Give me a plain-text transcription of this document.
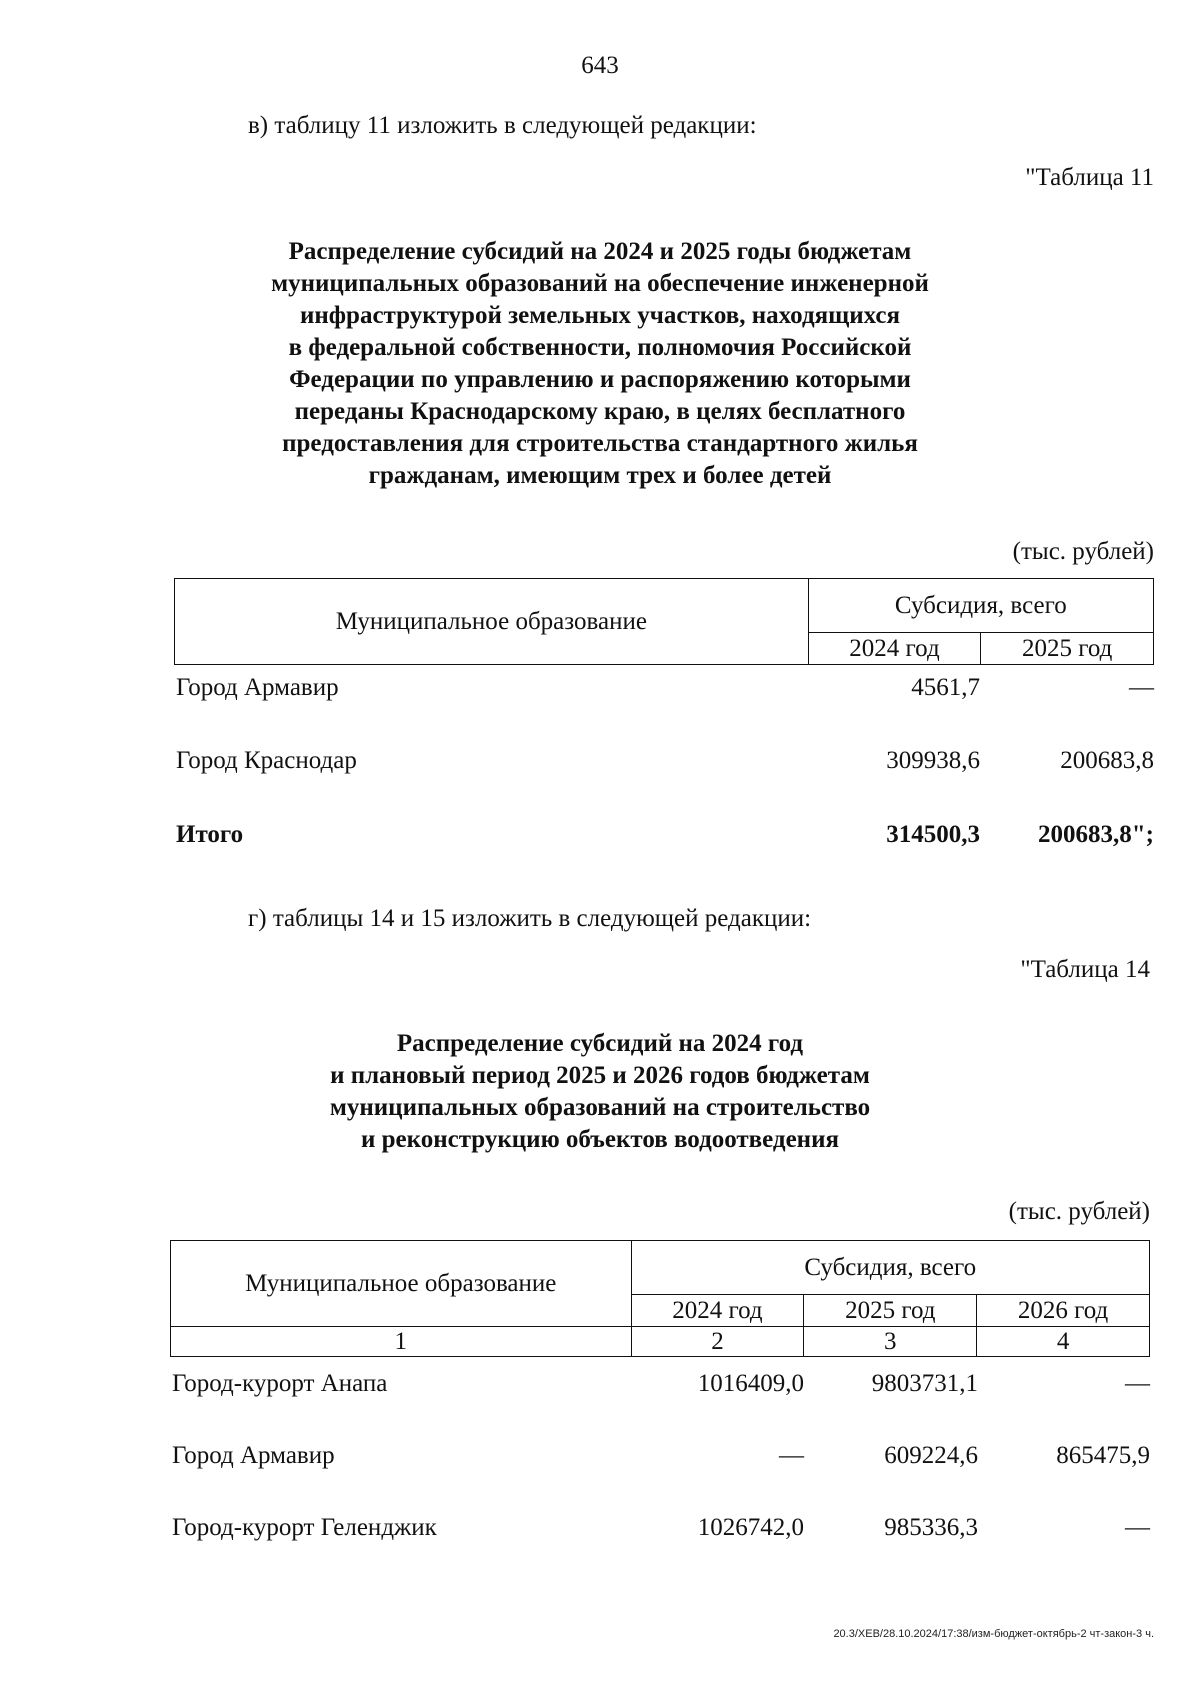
643
в) таблицу 11 изложить в следующей редакции:
"Таблица 11
Распределение субсидий на 2024 и 2025 годы бюджетам
муниципальных образований на обеспечение инженерной
инфраструктурой земельных участков, находящихся
в федеральной собственности, полномочия Российской
Федерации по управлению и распоряжению которыми
переданы Краснодарскому краю, в целях бесплатного
предоставления для строительства стандартного жилья
гражданам, имеющим трех и более детей
(тыс. рублей)
Муниципальное образование	Субсидия, всего	
	2024 год	2025 год
Город Армавир	4561,7	—
Город Краснодар	309938,6	200683,8
Итого	314500,3 200683,8";
г) таблицы 14 и 15 изложить в следующей редакции:
"Таблица 14
Распределение субсидий на 2024 год
и плановый период 2025 и 2026 годов бюджетам
муниципальных образований на строительство
и реконструкцию объектов водоотведения
(тыс. рублей)
Муниципальное образование	Субсидия, всего		
	2024 год	2025 год	2026 год
1	2	3	4
Город-курорт Анапа	1016409,0	9803731,1	—
Город Армавир	—	609224,6	865475,9
Город-курорт Геленджик	1026742,0	985336,3	—
20.3/ХЕВ/28.10.2024/17:38/изм-бюджет-октябрь-2 чт-закон-3 ч.
